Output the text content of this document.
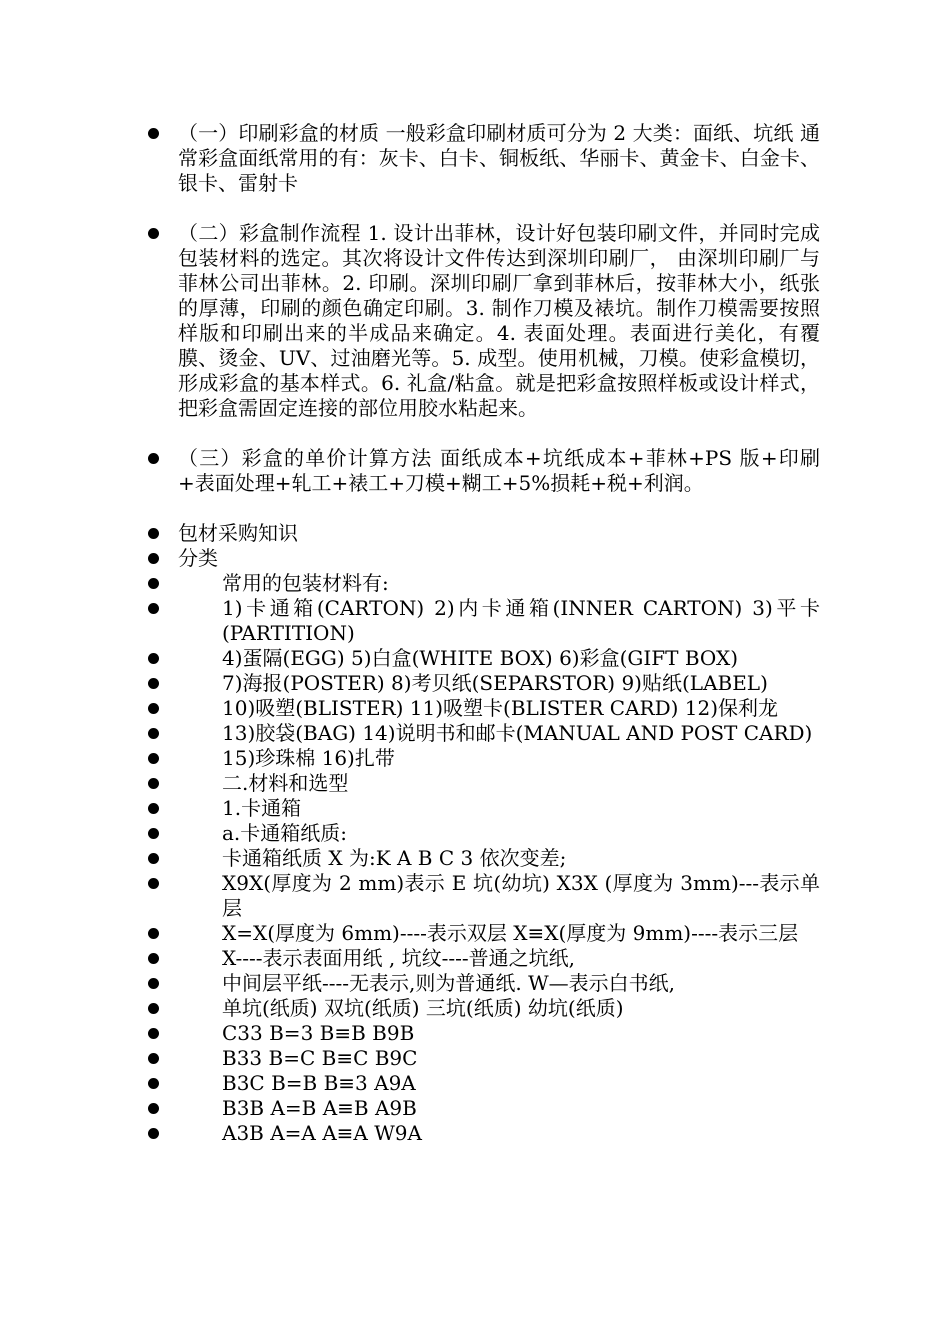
（一）印刷彩盒的材质 一般彩盒印刷材质可分为 2 大类：面纸、坑纸 通常彩盒面纸常用的有：灰卡、白卡、铜板纸、华丽卡、黄金卡、白金卡、银卡、雷射卡
（二）彩盒制作流程 1. 设计出菲林，设计好包装印刷文件，并同时完成包装材料的选定。其次将设计文件传达到深圳印刷厂， 由深圳印刷厂与菲林公司出菲林。2. 印刷。深圳印刷厂拿到菲林后，按菲林大小，纸张的厚薄，印刷的颜色确定印刷。3. 制作刀模及裱坑。制作刀模需要按照样版和印刷出来的半成品来确定。4. 表面处理。表面进行美化，有覆膜、烫金、UV、过油磨光等。5. 成型。使用机械，刀模。使彩盒模切，形成彩盒的基本样式。6. 礼盒/粘盒。就是把彩盒按照样板或设计样式，把彩盒需固定连接的部位用胶水粘起来。
（三）彩盒的单价计算方法 面纸成本+坑纸成本+菲林+PS 版+印刷+表面处理+轧工+裱工+刀模+糊工+5%损耗+税+利润。
包材采购知识
分类
常用的包装材料有:
1)卡通箱(CARTON) 2)内卡通箱(INNER CARTON) 3)平卡(PARTITION)
4)蛋隔(EGG) 5)白盒(WHITE BOX) 6)彩盒(GIFT BOX)
7)海报(POSTER) 8)考贝纸(SEPARSTOR) 9)贴纸(LABEL)
10)吸塑(BLISTER) 11)吸塑卡(BLISTER CARD) 12)保利龙
13)胶袋(BAG) 14)说明书和邮卡(MANUAL AND POST CARD)
15)珍珠棉 16)扎带
二.材料和选型
1.卡通箱
a.卡通箱纸质:
卡通箱纸质 X 为:K A B C 3 依次变差;
X9X(厚度为 2 mm)表示 E 坑(幼坑) X3X (厚度为 3mm)---表示单层
X=X(厚度为 6mm)----表示双层 X≡X(厚度为 9mm)----表示三层
X----表示表面用纸 , 坑纹----普通之坑纸,
中间层平纸----无表示,则为普通纸. W—表示白书纸,
单坑(纸质) 双坑(纸质) 三坑(纸质) 幼坑(纸质)
C33 B=3 B≡B B9B
B33 B=C B≡C B9C
B3C B=B B≡3 A9A
B3B A=B A≡B A9B
A3B A=A A≡A W9A
